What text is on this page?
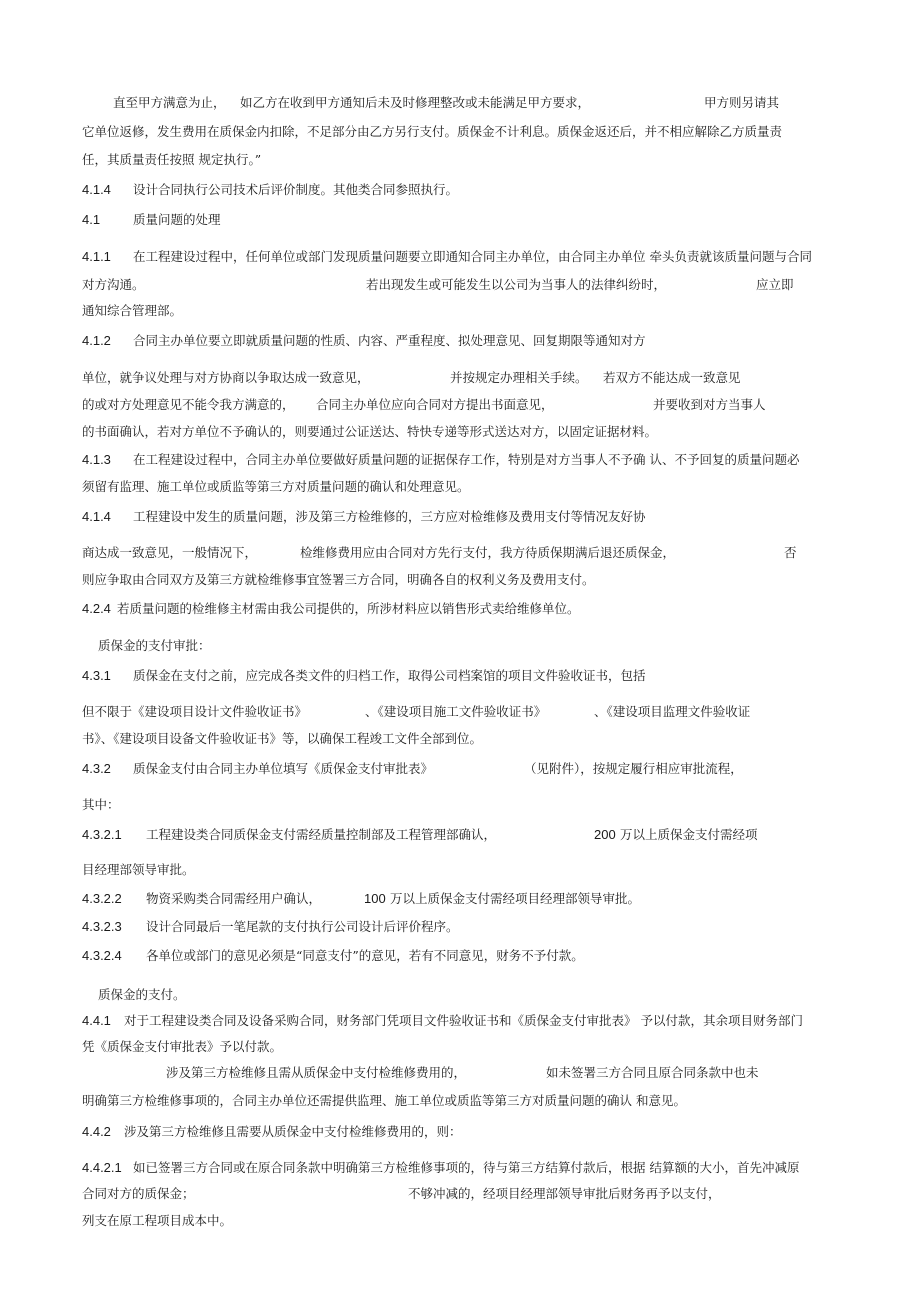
直至甲方满意为止， 如乙方在收到甲方通知后未及时修理整改或未能满足甲方要求，	甲方则另请其
它单位返修，发生费用在质保金内扣除，不足部分由乙方另行支付。质保金不计利息。质保金返还后，并不相应解除乙方质量责
任，其质量责任按照 规定执行。”
4.1.4 设计合同执行公司技术后评价制度。其他类合同参照执行。
4.1	质量问题的处理
4.1.1 在工程建设过程中，任何单位或部门发现质量问题要立即通知合同主办单位，由合同主办单位 牵头负责就该质量问题与合同
对方沟通。	若出现发生或可能发生以公司为当事人的法律纠纷时，	应立即
通知综合管理部。
4.1.2 合同主办单位要立即就质量问题的性质、内容、严重程度、拟处理意见、回复期限等通知对方
单位，就争议处理与对方协商以争取达成一致意见，	并按规定办理相关手续。 若双方不能达成一致意见
的或对方处理意见不能令我方满意的， 合同主办单位应向合同对方提出书面意见，	并要收到对方当事人
的书面确认，若对方单位不予确认的，则要通过公证送达、特快专递等形式送达对方，以固定证据材料。
4.1.3 在工程建设过程中，合同主办单位要做好质量问题的证据保存工作，特别是对方当事人不予确 认、不予回复的质量问题必
须留有监理、施工单位或质监等第三方对质量问题的确认和处理意见。
4.1.4 工程建设中发生的质量问题，涉及第三方检维修的，三方应对检维修及费用支付等情况友好协
商达成一致意见，一般情况下，	检维修费用应由合同对方先行支付，我方待质保期满后退还质保金，	否
则应争取由合同双方及第三方就检维修事宜签署三方合同，明确各自的权利义务及费用支付。
4.2.4 若质量问题的检维修主材需由我公司提供的，所涉材料应以销售形式卖给维修单位。
质保金的支付审批：
4.3.1 质保金在支付之前，应完成各类文件的归档工作，取得公司档案馆的项目文件验收证书，包括
但不限于《建设项目设计文件验收证书》	、《建设项目施工文件验收证书》	、《建设项目监理文件验收证
书》、《建设项目设备文件验收证书》等，以确保工程竣工文件全部到位。
4.3.2 质保金支付由合同主办单位填写《质保金支付审批表》	（见附件），按规定履行相应审批流程，
其中：
4.3.2.1 工程建设类合同质保金支付需经质量控制部及工程管理部确认，	200 万以上质保金支付需经项
目经理部领导审批。
4.3.2.2 物资采购类合同需经用户确认，	100 万以上质保金支付需经项目经理部领导审批。
4.3.2.3 设计合同最后一笔尾款的支付执行公司设计后评价程序。
4.3.2.4 各单位或部门的意见必须是“同意支付”的意见，若有不同意见，财务不予付款。
质保金的支付。
4.4.1 对于工程建设类合同及设备采购合同，财务部门凭项目文件验收证书和《质保金支付审批表》 予以付款，其余项目财务部门
凭《质保金支付审批表》予以付款。
涉及第三方检维修且需从质保金中支付检维修费用的，	如未签署三方合同且原合同条款中也未
明确第三方检维修事项的，合同主办单位还需提供监理、施工单位或质监等第三方对质量问题的确认 和意见。
4.4.2 涉及第三方检维修且需要从质保金中支付检维修费用的，则：
4.4.2.1 如已签署三方合同或在原合同条款中明确第三方检维修事项的，待与第三方结算付款后，根据 结算额的大小，首先冲减原
合同对方的质保金；	不够冲减的，经项目经理部领导审批后财务再予以支付，
列支在原工程项目成本中。
